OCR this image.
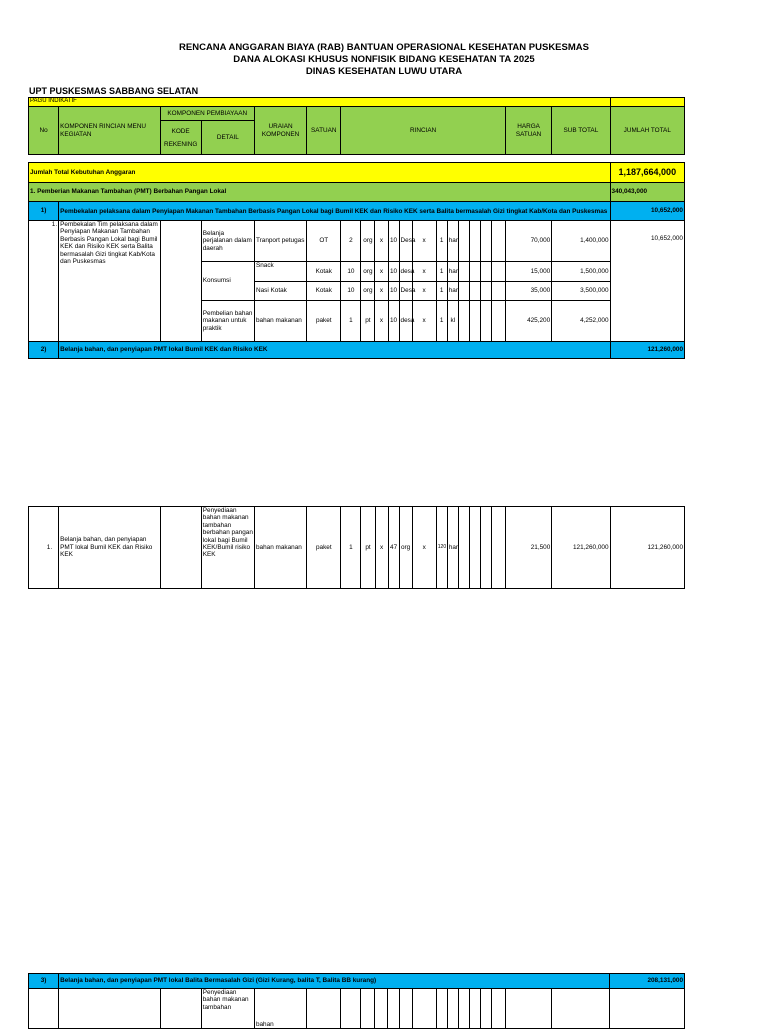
RENCANA ANGGARAN BIAYA (RAB) BANTUAN OPERASIONAL KESEHATAN PUSKESMAS
DANA ALOKASI KHUSUS NONFISIK BIDANG KESEHATAN TA 2025
DINAS KESEHATAN LUWU UTARA
UPT PUSKESMAS SABBANG SELATAN
PAGU INDIKATIF																				
No	KOMPONEN RINCIAN MENU KEGIATAN	KOMPONEN PEMBIAYAAN		URAIAN KOMPONEN	SATUAN	RINCIAN												HARGA SATUAN	SUB TOTAL	JUMLAH TOTAL
		KODE REKENING	DETAIL																	

Jumlah Total Kebutuhan Anggaran																				1,187,664,000
1. Pemberian Makanan Tambahan (PMT) Berbahan Pangan Lokal																				340,043,000
1)	Pembekalan pelaksana dalam Penyiapan Makanan Tambahan Berbasis Pangan Lokal bagi Bumil KEK dan Risiko KEK serta Balita bermasalah Gizi tingkat Kab/Kota dan Puskesmas																			10,652,000
1.	Pembekalan Tim pelaksana dalam Penyiapan Makanan Tambahan Berbasis Pangan Lokal bagi Bumil KEK dan Risiko KEK serta Balita bermasalah Gizi tingkat Kab/Kota dan Puskesmas		Belanja perjalanan dalam daerah	Tranport petugas	OT	2	org	x	10	Desa	x	1	hari					70,000	1,400,000	10,652,000
			Konsumsi	Snack	Kotak	10	org	x	10	desa	x	1	hari					15,000	1,500,000	
				Nasi Kotak	Kotak	10	org	x	10	Desa	x	1	hari					35,000	3,500,000	
			Pembelian bahan makanan untuk praktik	bahan makanan	paket	1	pt	x	10	desa	x	1	kl					425,200	4,252,000	
2)	Belanja bahan, dan penyiapan PMT lokal Bumil KEK dan Risiko KEK																			121,260,000
1.	Belanja bahan, dan penyiapan PMT lokal Bumil KEK dan Risiko KEK		Penyediaan bahan makanan tambahan berbahan pangan lokal bagi Bumil KEK/Bumil risiko KEK	bahan makanan	paket	1	pt	x	47	org	x	120	hari					21,500	121,260,000	121,260,000
3)	Belanja bahan, dan penyiapan PMT lokal Balita Bermasalah Gizi (Gizi Kurang, balita T, Balita BB kurang)																			208,131,000
			Penyediaan bahan makanan tambahan	bahan																
